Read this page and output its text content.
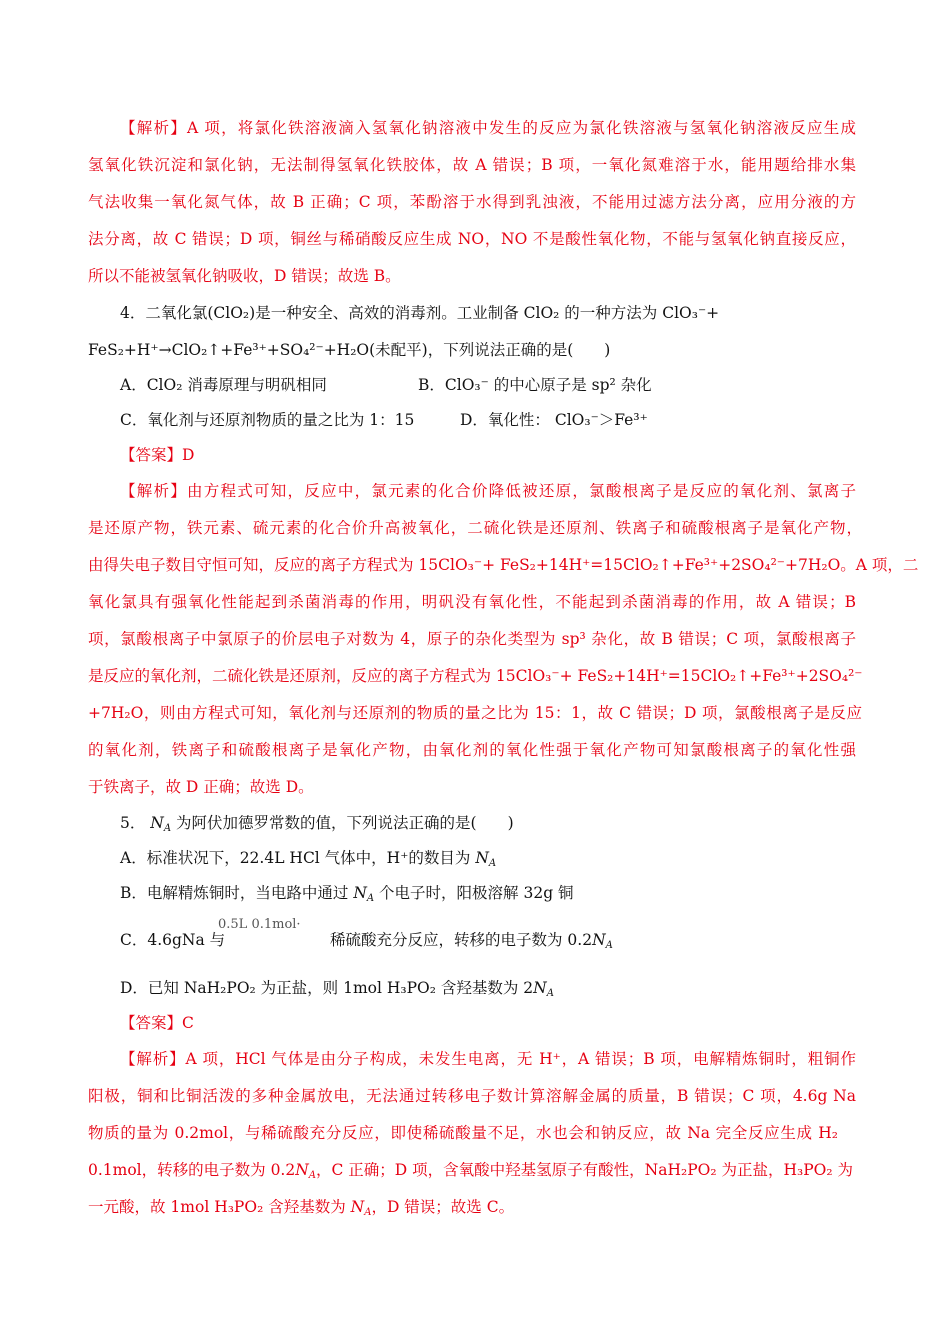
【解析】A 项，将氯化铁溶液滴入氢氧化钠溶液中发生的反应为氯化铁溶液与氢氧化钠溶液反应生成
氢氧化铁沉淀和氯化钠，无法制得氢氧化铁胶体，故 A 错误；B 项，一氧化氮难溶于水，能用题给排水集
气法收集一氧化氮气体，故 B 正确；C 项，苯酚溶于水得到乳浊液，不能用过滤方法分离，应用分液的方
法分离，故 C 错误；D 项，铜丝与稀硝酸反应生成 NO，NO 不是酸性氧化物，不能与氢氧化钠直接反应，
所以不能被氢氧化钠吸收，D 错误；故选 B。
4．二氧化氯(ClO₂)是一种安全、高效的消毒剂。工业制备 ClO₂ 的一种方法为 ClO₃⁻+
FeS₂+H⁺→ClO₂↑+Fe³⁺+SO₄²⁻+H₂O(未配平)，下列说法正确的是(　　)
A．ClO₂ 消毒原理与明矾相同	B．ClO₃⁻ 的中心原子是 sp² 杂化
C．氧化剂与还原剂物质的量之比为 1：15	D．氧化性： ClO₃⁻＞Fe³⁺
【答案】D
【解析】由方程式可知，反应中，氯元素的化合价降低被还原，氯酸根离子是反应的氧化剂、氯离子
是还原产物，铁元素、硫元素的化合价升高被氧化，二硫化铁是还原剂、铁离子和硫酸根离子是氧化产物，
由得失电子数目守恒可知，反应的离子方程式为 15ClO₃⁻+ FeS₂+14H⁺=15ClO₂↑+Fe³⁺+2SO₄²⁻+7H₂O。A 项，二
氧化氯具有强氧化性能起到杀菌消毒的作用，明矾没有氧化性，不能起到杀菌消毒的作用，故 A 错误；B
项，氯酸根离子中氯原子的价层电子对数为 4，原子的杂化类型为 sp³ 杂化，故 B 错误；C 项，氯酸根离子
是反应的氧化剂，二硫化铁是还原剂，反应的离子方程式为 15ClO₃⁻+ FeS₂+14H⁺=15ClO₂↑+Fe³⁺+2SO₄²⁻
+7H₂O，则由方程式可知，氧化剂与还原剂的物质的量之比为 15：1，故 C 错误；D 项，氯酸根离子是反应
的氧化剂，铁离子和硫酸根离子是氧化产物，由氧化剂的氧化性强于氧化产物可知氯酸根离子的氧化性强
于铁离子，故 D 正确；故选 D。
5． $N_A$ 为阿伏加德罗常数的值，下列说法正确的是(　　)
A．标准状况下，22.4L HCl 气体中，H⁺的数目为 $N_A$
B．电解精炼铜时，当电路中通过 $N_A$ 个电子时，阳极溶解 32g 铜
C．4.6gNa 与
0.5L 0.1mol·
稀硫酸充分反应，转移的电子数为 $0.2N_A$
D．已知 NaH₂PO₂ 为正盐，则 1mol H₃PO₂ 含羟基数为 $2N_A$
【答案】C
【解析】A 项，HCl 气体是由分子构成，未发生电离，无 H⁺，A 错误；B 项，电解精炼铜时，粗铜作
阳极，铜和比铜活泼的多种金属放电，无法通过转移电子数计算溶解金属的质量，B 错误；C 项，4.6g Na
物质的量为 0.2mol，与稀硫酸充分反应，即使稀硫酸量不足，水也会和钠反应，故 Na 完全反应生成 H₂
0.1mol，转移的电子数为 $0.2N_A$，C 正确；D 项，含氧酸中羟基氢原子有酸性，NaH₂PO₂ 为正盐，H₃PO₂ 为
一元酸，故 1mol H₃PO₂ 含羟基数为 $N_A$，D 错误；故选 C。
